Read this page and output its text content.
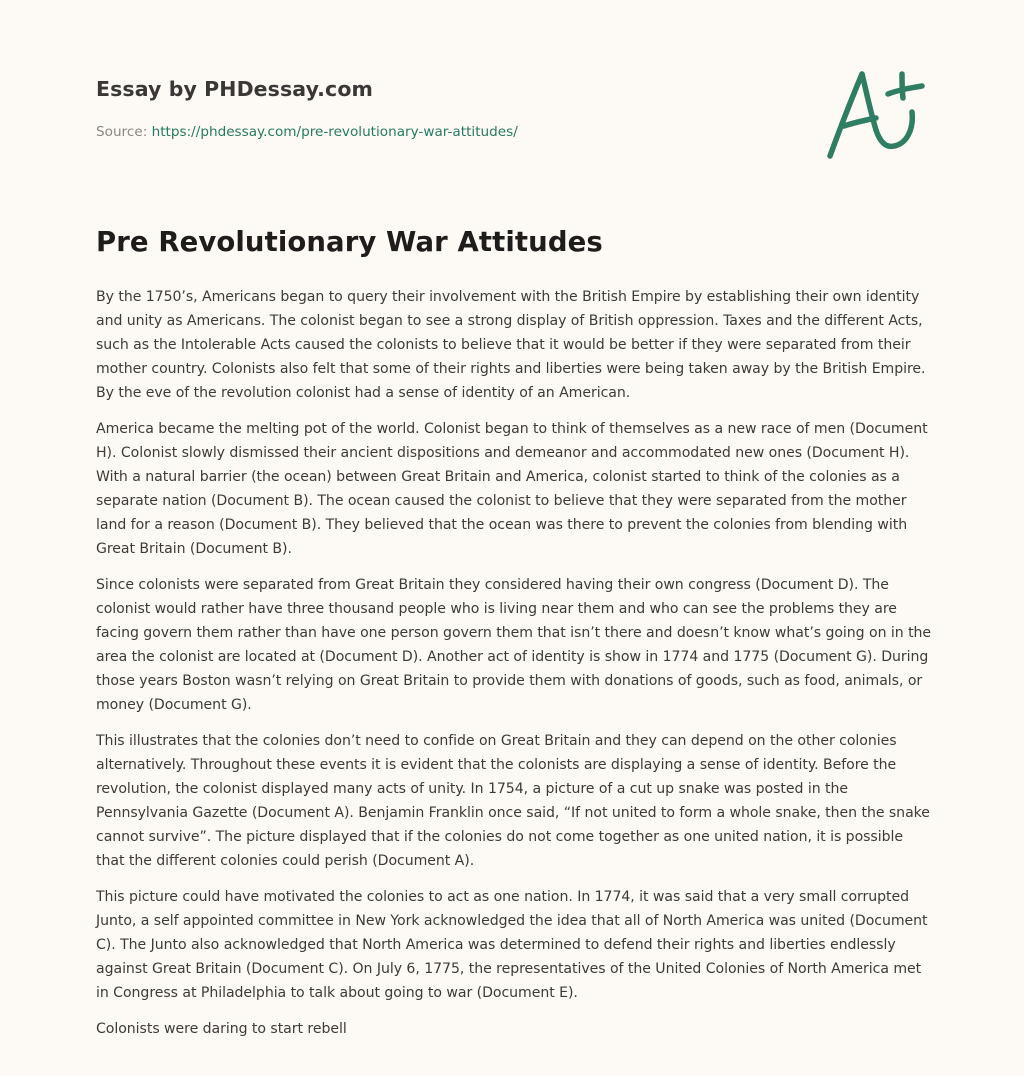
Essay by PHDessay.com
Source: https://phdessay.com/pre-revolutionary-war-attitudes/
Pre Revolutionary War Attitudes

By the 1750’s, Americans began to query their involvement with the British Empire by establishing their own identity and unity as Americans. The colonist began to see a strong display of British oppression. Taxes and the different Acts, such as the Intolerable Acts caused the colonists to believe that it would be better if they were separated from their mother country. Colonists also felt that some of their rights and liberties were being taken away by the British Empire. By the eve of the revolution colonist had a sense of identity of an American.

America became the melting pot of the world. Colonist began to think of themselves as a new race of men (Document H). Colonist slowly dismissed their ancient dispositions and demeanor and accommodated new ones (Document H). With a natural barrier (the ocean) between Great Britain and America, colonist started to think of the colonies as a separate nation (Document B). The ocean caused the colonist to believe that they were separated from the mother land for a reason (Document B). They believed that the ocean was there to prevent the colonies from blending with Great Britain (Document B).

Since colonists were separated from Great Britain they considered having their own congress (Document D). The colonist would rather have three thousand people who is living near them and who can see the problems they are facing govern them rather than have one person govern them that isn’t there and doesn’t know what’s going on in the area the colonist are located at (Document D). Another act of identity is show in 1774 and 1775 (Document G). During those years Boston wasn’t relying on Great Britain to provide them with donations of goods, such as food, animals, or money (Document G).

This illustrates that the colonies don’t need to confide on Great Britain and they can depend on the other colonies alternatively. Throughout these events it is evident that the colonists are displaying a sense of identity. Before the revolution, the colonist displayed many acts of unity. In 1754, a picture of a cut up snake was posted in the Pennsylvania Gazette (Document A). Benjamin Franklin once said, “If not united to form a whole snake, then the snake cannot survive”. The picture displayed that if the colonies do not come together as one united nation, it is possible that the different colonies could perish (Document A).

This picture could have motivated the colonies to act as one nation. In 1774, it was said that a very small corrupted Junto, a self appointed committee in New York acknowledged the idea that all of North America was united (Document C). The Junto also acknowledged that North America was determined to defend their rights and liberties endlessly against Great Britain (Document C). On July 6, 1775, the representatives of the United Colonies of North America met in Congress at Philadelphia to talk about going to war (Document E).

Colonists were daring to start rebell
